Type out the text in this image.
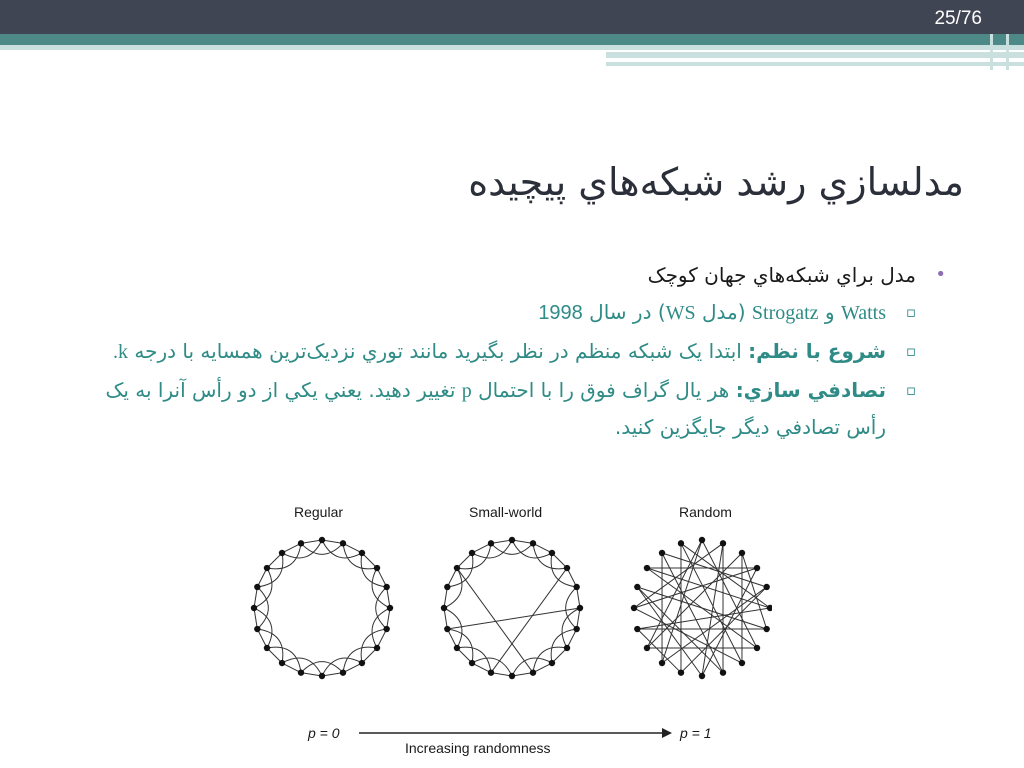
25/76
مدلسازي رشد شبکه‌هاي پيچيده
•
مدل براي شبکه‌هاي جهان کوچک
▫
Watts و Strogatz (مدل WS) در سال 1998
▫
شروع با نظم: ابتدا يک شبکه منظم در نظر بگيريد مانند توري نزديک‌ترين همسايه با درجه k.
▫
تصادفي سازي: هر يال گراف فوق را با احتمال p تغيير دهيد. يعني يکي از دو رأس آنرا به يک رأس تصادفي ديگر جايگزين کنيد.
Regular	Small-world	Random
p = 0	p = 1
Increasing randomness
